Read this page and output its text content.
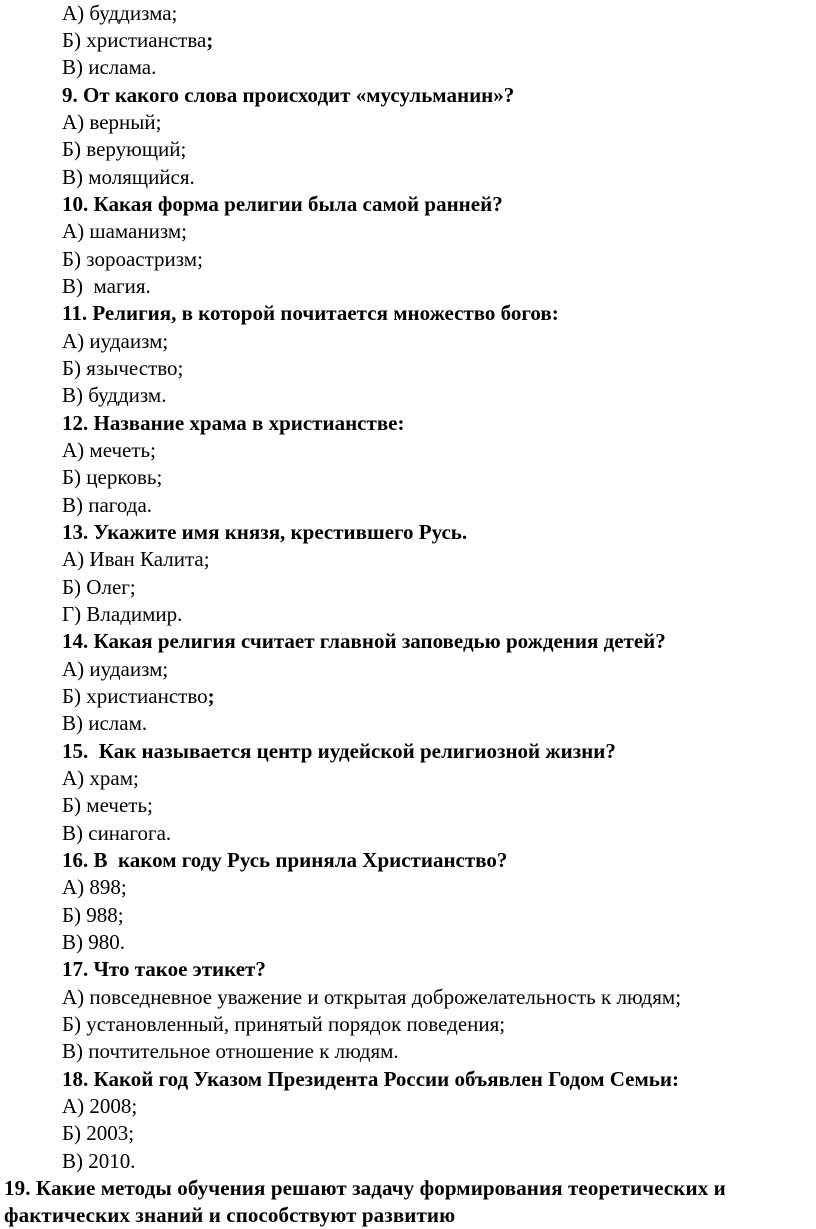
А) буддизма;
Б) христианства;
В) ислама.
9. От какого слова происходит «мусульманин»?
А) верный;
Б) верующий;
В) молящийся.
10. Какая форма религии была самой ранней?
А) шаманизм;
Б) зороастризм;
В)  магия.
11. Религия, в которой почитается множество богов:
А) иудаизм;
Б) язычество;
В) буддизм.
12. Название храма в христианстве:
А) мечеть;
Б) церковь;
В) пагода.
13. Укажите имя князя, крестившего Русь.
А) Иван Калита;
Б) Олег;
Г) Владимир.
14. Какая религия считает главной заповедью рождения детей?
А) иудаизм;
Б) христианство;
В) ислам.
15.  Как называется центр иудейской религиозной жизни?
А) храм;
Б) мечеть;
В) синагога.
16. В  каком году Русь приняла Христианство?
А) 898;
Б) 988;
В) 980.
17. Что такое этикет?
А) повседневное уважение и открытая доброжелательность к людям;
Б) установленный, принятый порядок поведения;
В) почтительное отношение к людям.
18. Какой год Указом Президента России объявлен Годом Семьи:
А) 2008;
Б) 2003;
В) 2010.
19. Какие методы обучения решают задачу формирования теоретических и
фактических знаний и способствуют развитию
